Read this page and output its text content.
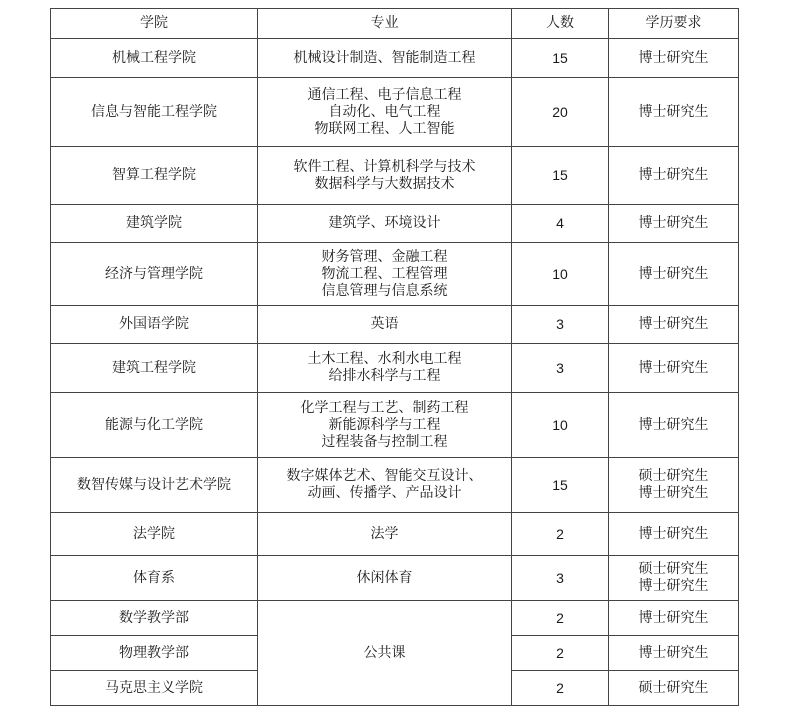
学院	专业	人数	学历要求
机械工程学院	机械设计制造、智能制造工程	15	博士研究生

信息与智能工程学院	通信工程、电子信息工程
自动化、电气工程
物联网工程、人工智能	20	博士研究生

智算工程学院	软件工程、计算机科学与技术
数据科学与大数据技术	15	博士研究生

建筑学院	建筑学、环境设计	4	博士研究生

经济与管理学院	财务管理、金融工程
物流工程、工程管理
信息管理与信息系统	10	博士研究生

外国语学院	英语	3	博士研究生

建筑工程学院	土木工程、水利水电工程
给排水科学与工程	3	博士研究生

能源与化工学院	化学工程与工艺、制药工程
新能源科学与工程
过程装备与控制工程	10	博士研究生

数智传媒与设计艺术学院	数字媒体艺术、智能交互设计、
动画、传播学、产品设计	15	硕士研究生
博士研究生

法学院	法学	2	博士研究生

体育系	休闲体育	3	硕士研究生
博士研究生

数学教学部	公共课	2	博士研究生

物理教学部		2	博士研究生

马克思主义学院		2	硕士研究生
